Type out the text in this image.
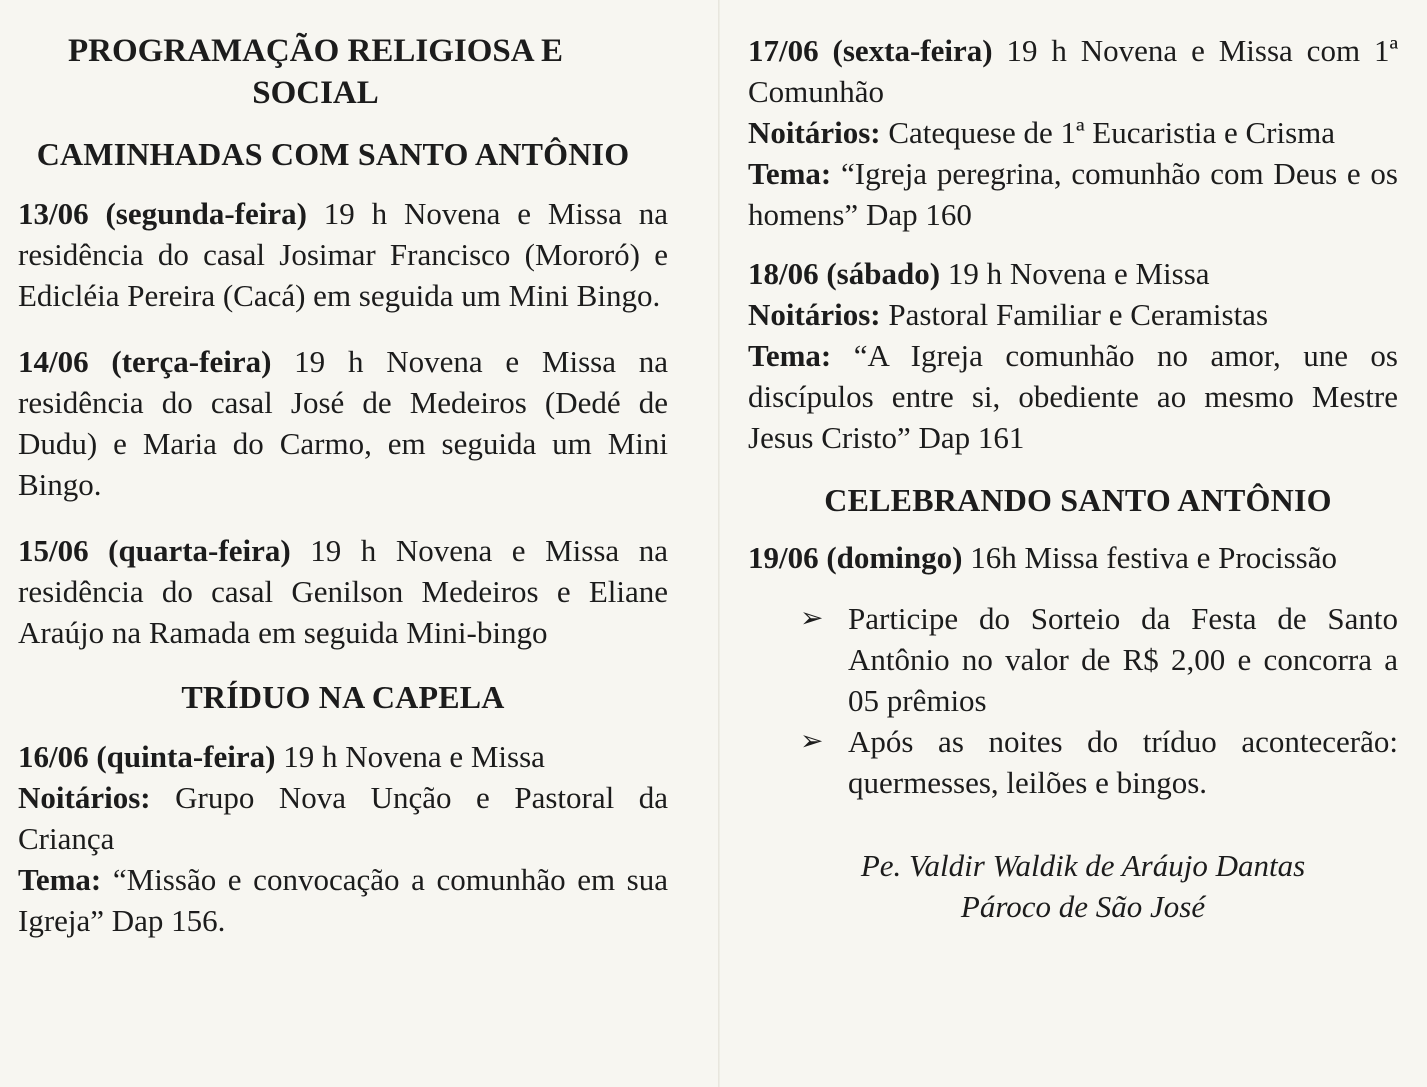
PROGRAMAÇÃO RELIGIOSA E SOCIAL
CAMINHADAS COM SANTO ANTÔNIO

13/06 (segunda-feira) 19 h Novena e Missa na residência do casal Josimar Francisco (Mororó) e Edicléia Pereira (Cacá) em seguida um Mini Bingo.

14/06 (terça-feira) 19 h Novena e Missa na residência do casal José de Medeiros (Dedé de Dudu) e Maria do Carmo, em seguida um Mini Bingo.

15/06 (quarta-feira) 19 h Novena e Missa na residência do casal Genilson Medeiros e Eliane Araújo na Ramada em seguida Mini-bingo

TRÍDUO NA CAPELA

16/06 (quinta-feira) 19 h Novena e Missa
Noitários: Grupo Nova Unção e Pastoral da Criança
Tema: “Missão e convocação a comunhão em sua Igreja” Dap 156.

17/06 (sexta-feira) 19 h Novena e Missa com 1ª Comunhão
Noitários: Catequese de 1ª Eucaristia e Crisma
Tema: “Igreja peregrina, comunhão com Deus e os homens” Dap 160

18/06 (sábado) 19 h Novena e Missa
Noitários: Pastoral Familiar e Ceramistas
Tema: “A Igreja comunhão no amor, une os discípulos entre si, obediente ao mesmo Mestre Jesus Cristo” Dap 161

CELEBRANDO SANTO ANTÔNIO

19/06 (domingo) 16h Missa festiva e Procissão

➢ Participe do Sorteio da Festa de Santo Antônio no valor de R$ 2,00 e concorra a 05 prêmios
➢ Após as noites do tríduo acontecerão: quermesses, leilões e bingos.

Pe. Valdir Waldik de Aráujo Dantas

Pároco de São José
